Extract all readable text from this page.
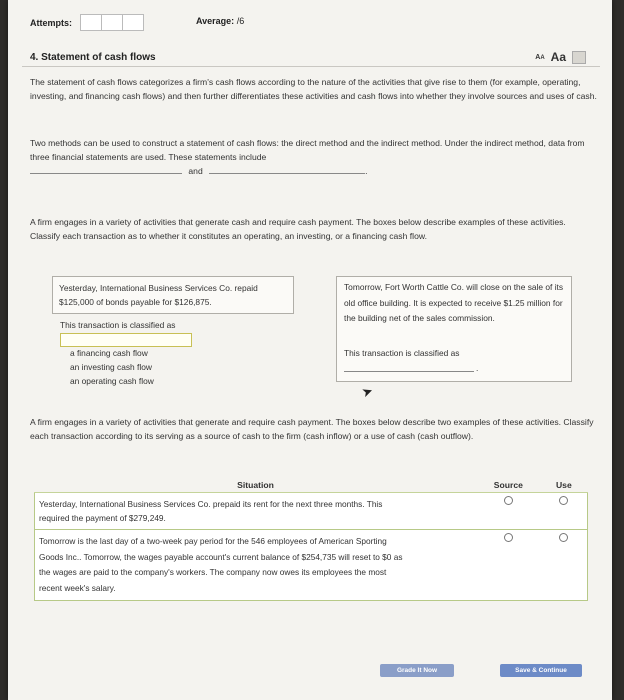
Attempts:	Average: /6
4. Statement of cash flows	AA Aa
The statement of cash flows categorizes a firm's cash flows according to the nature of the activities that give rise to them (for example, operating, investing, and financing cash flows) and then further differentiates these activities and cash flows into whether they involve sources and uses of cash.
Two methods can be used to construct a statement of cash flows: the direct method and the indirect method. Under the indirect method, data from three financial statements are used. These statements include
and	.
A firm engages in a variety of activities that generate cash and require cash payment. The boxes below describe examples of these activities. Classify each transaction as to whether it constitutes an operating, an investing, or a financing cash flow.
Yesterday, International Business Services Co. repaid $125,000 of bonds payable for $126,875.
This transaction is classified as
a financing cash flow
an investing cash flow
an operating cash flow
Tomorrow, Fort Worth Cattle Co. will close on the sale of its old office building. It is expected to receive $1.25 million for the building net of the sales commission.
This transaction is classified as
.
➤
A firm engages in a variety of activities that generate and require cash payment. The boxes below describe two examples of these activities. Classify each transaction according to its serving as a source of cash to the firm (cash inflow) or a use of cash (cash outflow).
Situation	Source	Use
Yesterday, International Business Services Co. prepaid its rent for the next three months. This required the payment of $279,249.		
Tomorrow is the last day of a two-week pay period for the 546 employees of American Sporting Goods Inc.. Tomorrow, the wages payable account's current balance of $254,735 will reset to $0 as the wages are paid to the company's workers. The company now owes its employees the most recent week's salary.		
Grade It Now	Save & Continue
